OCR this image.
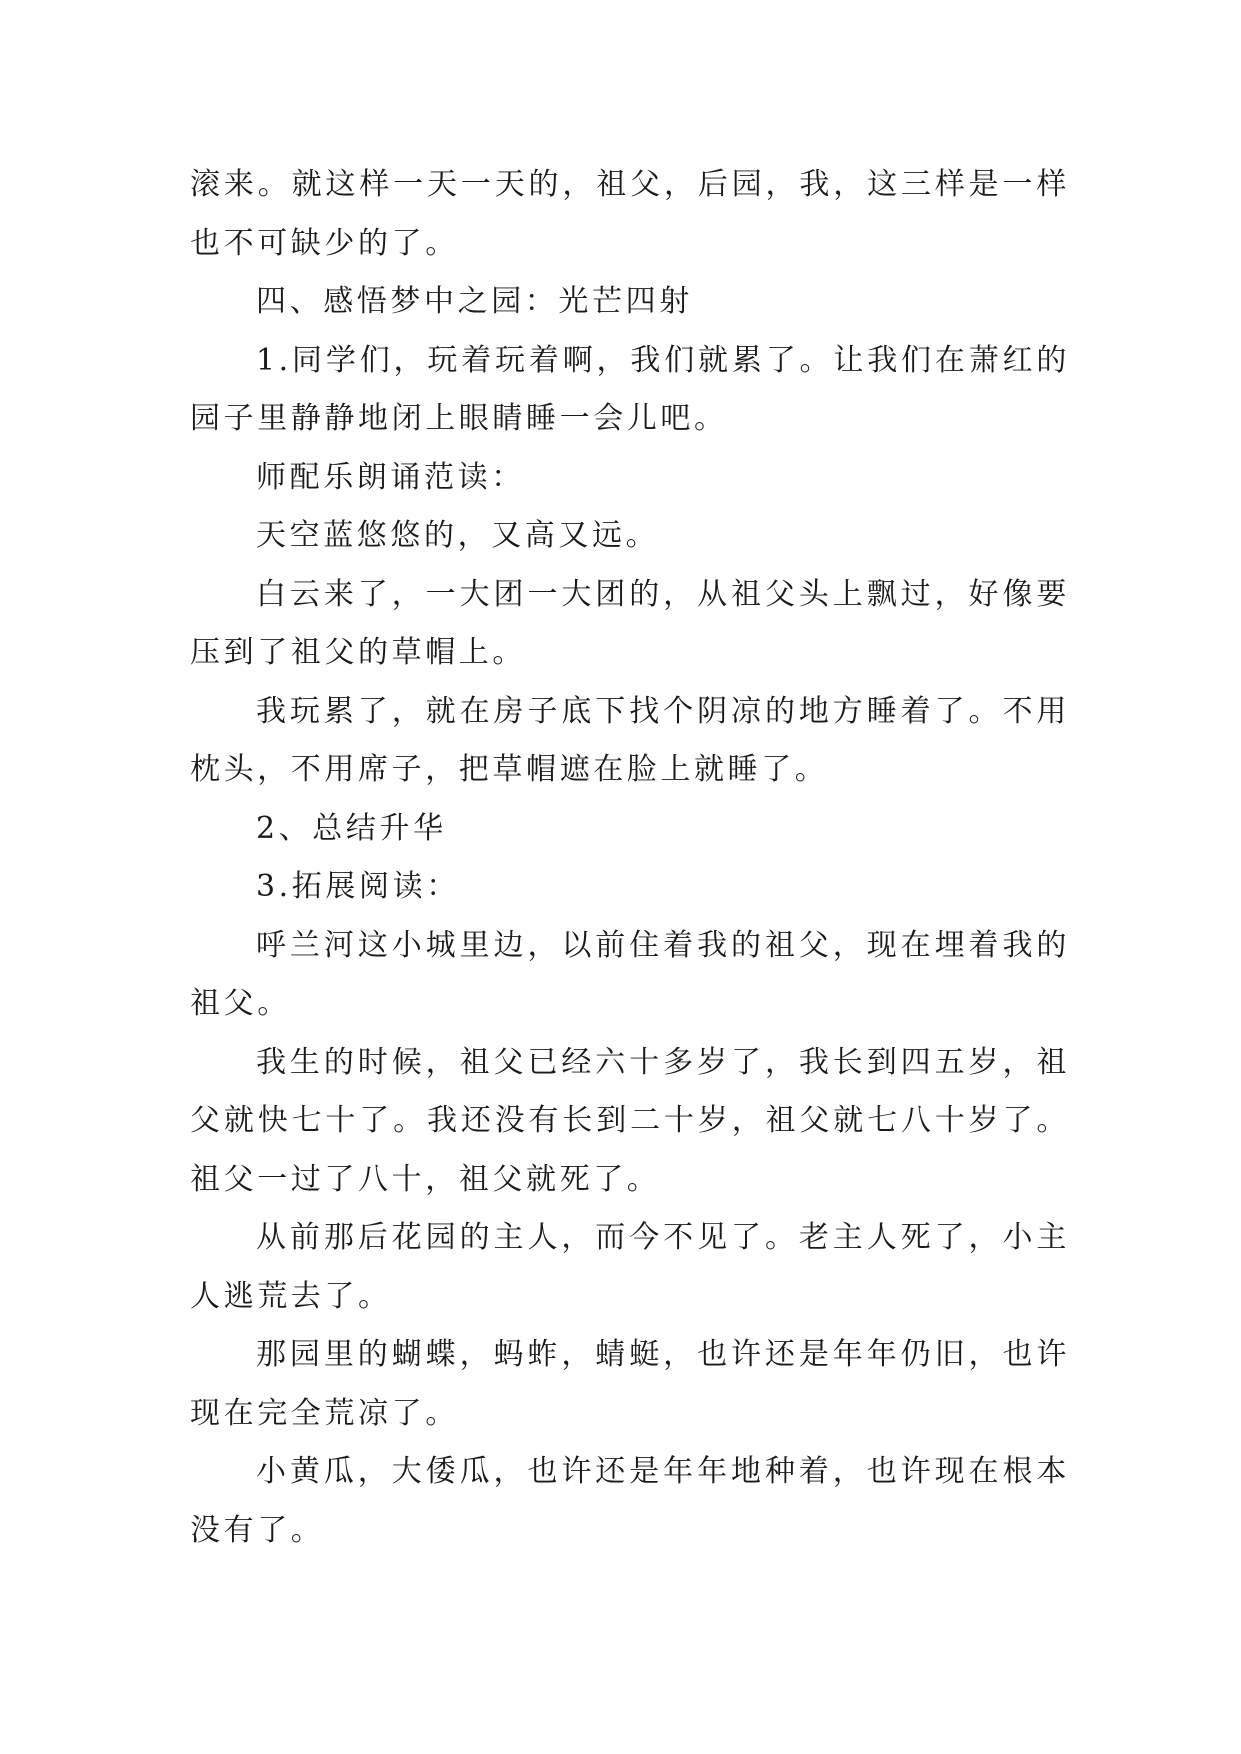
滚来。就这样一天一天的，祖父，后园，我，这三样是一样也不可缺少的了。

四、感悟梦中之园：光芒四射

1.同学们，玩着玩着啊，我们就累了。让我们在萧红的园子里静静地闭上眼睛睡一会儿吧。

师配乐朗诵范读：

天空蓝悠悠的，又高又远。

白云来了，一大团一大团的，从祖父头上飘过，好像要压到了祖父的草帽上。

我玩累了，就在房子底下找个阴凉的地方睡着了。不用枕头，不用席子，把草帽遮在脸上就睡了。

2、总结升华

3.拓展阅读：

呼兰河这小城里边，以前住着我的祖父，现在埋着我的祖父。

我生的时候，祖父已经六十多岁了，我长到四五岁，祖父就快七十了。我还没有长到二十岁，祖父就七八十岁了。祖父一过了八十，祖父就死了。

从前那后花园的主人，而今不见了。老主人死了，小主人逃荒去了。

那园里的蝴蝶，蚂蚱，蜻蜓，也许还是年年仍旧，也许现在完全荒凉了。

小黄瓜，大倭瓜，也许还是年年地种着，也许现在根本没有了。
